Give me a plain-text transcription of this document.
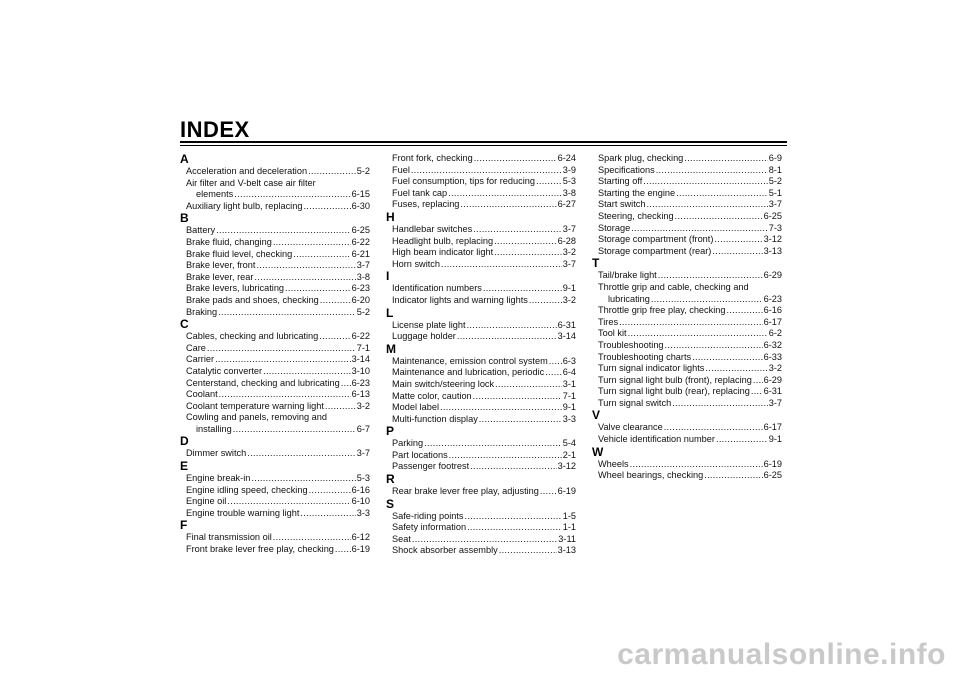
INDEX
A
Acceleration and deceleration .....	5-2
Air filter and V-belt case air filter
elements .....	6-15
Auxiliary light bulb, replacing .....	6-30
B
Battery .....	6-25
Brake fluid, changing .....	6-22
Brake fluid level, checking .....	6-21
Brake lever, front .....	3-7
Brake lever, rear .....	3-8
Brake levers, lubricating .....	6-23
Brake pads and shoes, checking .....	6-20
Braking .....	5-2
C
Cables, checking and lubricating .....	6-22
Care .....	7-1
Carrier .....	3-14
Catalytic converter .....	3-10
Centerstand, checking and lubricating ..... 6-23
Coolant .....	6-13
Coolant temperature warning light .....	3-2
Cowling and panels, removing and
installing .....	6-7
D
Dimmer switch .....	3-7
E
Engine break-in .....	5-3
Engine idling speed, checking .....	6-16
Engine oil .....	6-10
Engine trouble warning light .....	3-3
F
Final transmission oil .....	6-12
Front brake lever free play, checking ..... 6-19
Front fork, checking .....	6-24
Fuel .....	3-9
Fuel consumption, tips for reducing .....	5-3
Fuel tank cap .....	3-8
Fuses, replacing .....	6-27
H
Handlebar switches .....	3-7
Headlight bulb, replacing .....	6-28
High beam indicator light .....	3-2
Horn switch .....	3-7
I
Identification numbers .....	9-1
Indicator lights and warning lights .....	3-2
L
License plate light .....	6-31
Luggage holder .....	3-14
M
Maintenance, emission control system ..... 6-3
Maintenance and lubrication, periodic ..... 6-4
Main switch/steering lock .....	3-1
Matte color, caution .....	7-1
Model label .....	9-1
Multi-function display .....	3-3
P
Parking .....	5-4
Part locations .....	2-1
Passenger footrest .....	3-12
R
Rear brake lever free play, adjusting ..... 6-19
S
Safe-riding points .....	1-5
Safety information .....	1-1
Seat .....	3-11
Shock absorber assembly .....	3-13
Spark plug, checking .....	6-9
Specifications .....	8-1
Starting off .....	5-2
Starting the engine .....	5-1
Start switch .....	3-7
Steering, checking .....	6-25
Storage .....	7-3
Storage compartment (front) .....	3-12
Storage compartment (rear) .....	3-13
T
Tail/brake light .....	6-29
Throttle grip and cable, checking and
lubricating .....	6-23
Throttle grip free play, checking .....	6-16
Tires .....	6-17
Tool kit .....	6-2
Troubleshooting .....	6-32
Troubleshooting charts .....	6-33
Turn signal indicator lights .....	3-2
Turn signal light bulb (front), replacing ..... 6-29
Turn signal light bulb (rear), replacing ..... 6-31
Turn signal switch .....	3-7
V
Valve clearance .....	6-17
Vehicle identification number .....	9-1
W
Wheels .....	6-19
Wheel bearings, checking .....	6-25
carmanualsonline.info
